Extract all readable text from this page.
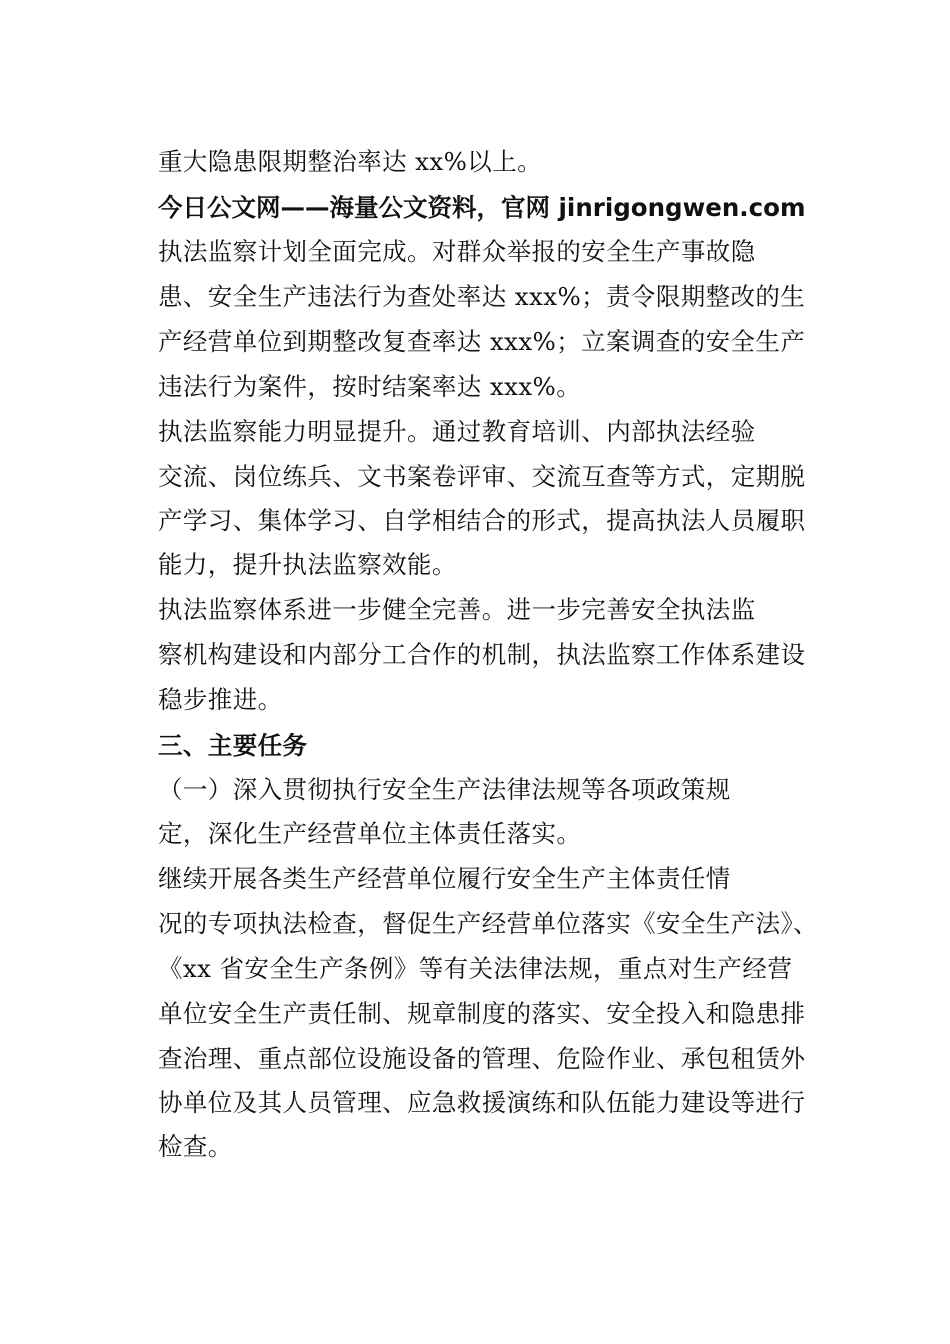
重大隐患限期整治率达 xx%以上。
今日公文网——海量公文资料，官网 jinrigongwen.com
执法监察计划全面完成。对群众举报的安全生产事故隐
患、安全生产违法行为查处率达 xxx%；责令限期整改的生
产经营单位到期整改复查率达 xxx%；立案调查的安全生产
违法行为案件，按时结案率达 xxx%。
执法监察能力明显提升。通过教育培训、内部执法经验
交流、岗位练兵、文书案卷评审、交流互查等方式，定期脱
产学习、集体学习、自学相结合的形式，提高执法人员履职
能力，提升执法监察效能。
执法监察体系进一步健全完善。进一步完善安全执法监
察机构建设和内部分工合作的机制，执法监察工作体系建设
稳步推进。
三、主要任务
（一）深入贯彻执行安全生产法律法规等各项政策规
定，深化生产经营单位主体责任落实。
继续开展各类生产经营单位履行安全生产主体责任情
况的专项执法检查，督促生产经营单位落实《安全生产法》、
《xx 省安全生产条例》等有关法律法规，重点对生产经营
单位安全生产责任制、规章制度的落实、安全投入和隐患排
查治理、重点部位设施设备的管理、危险作业、承包租赁外
协单位及其人员管理、应急救援演练和队伍能力建设等进行
检查。
